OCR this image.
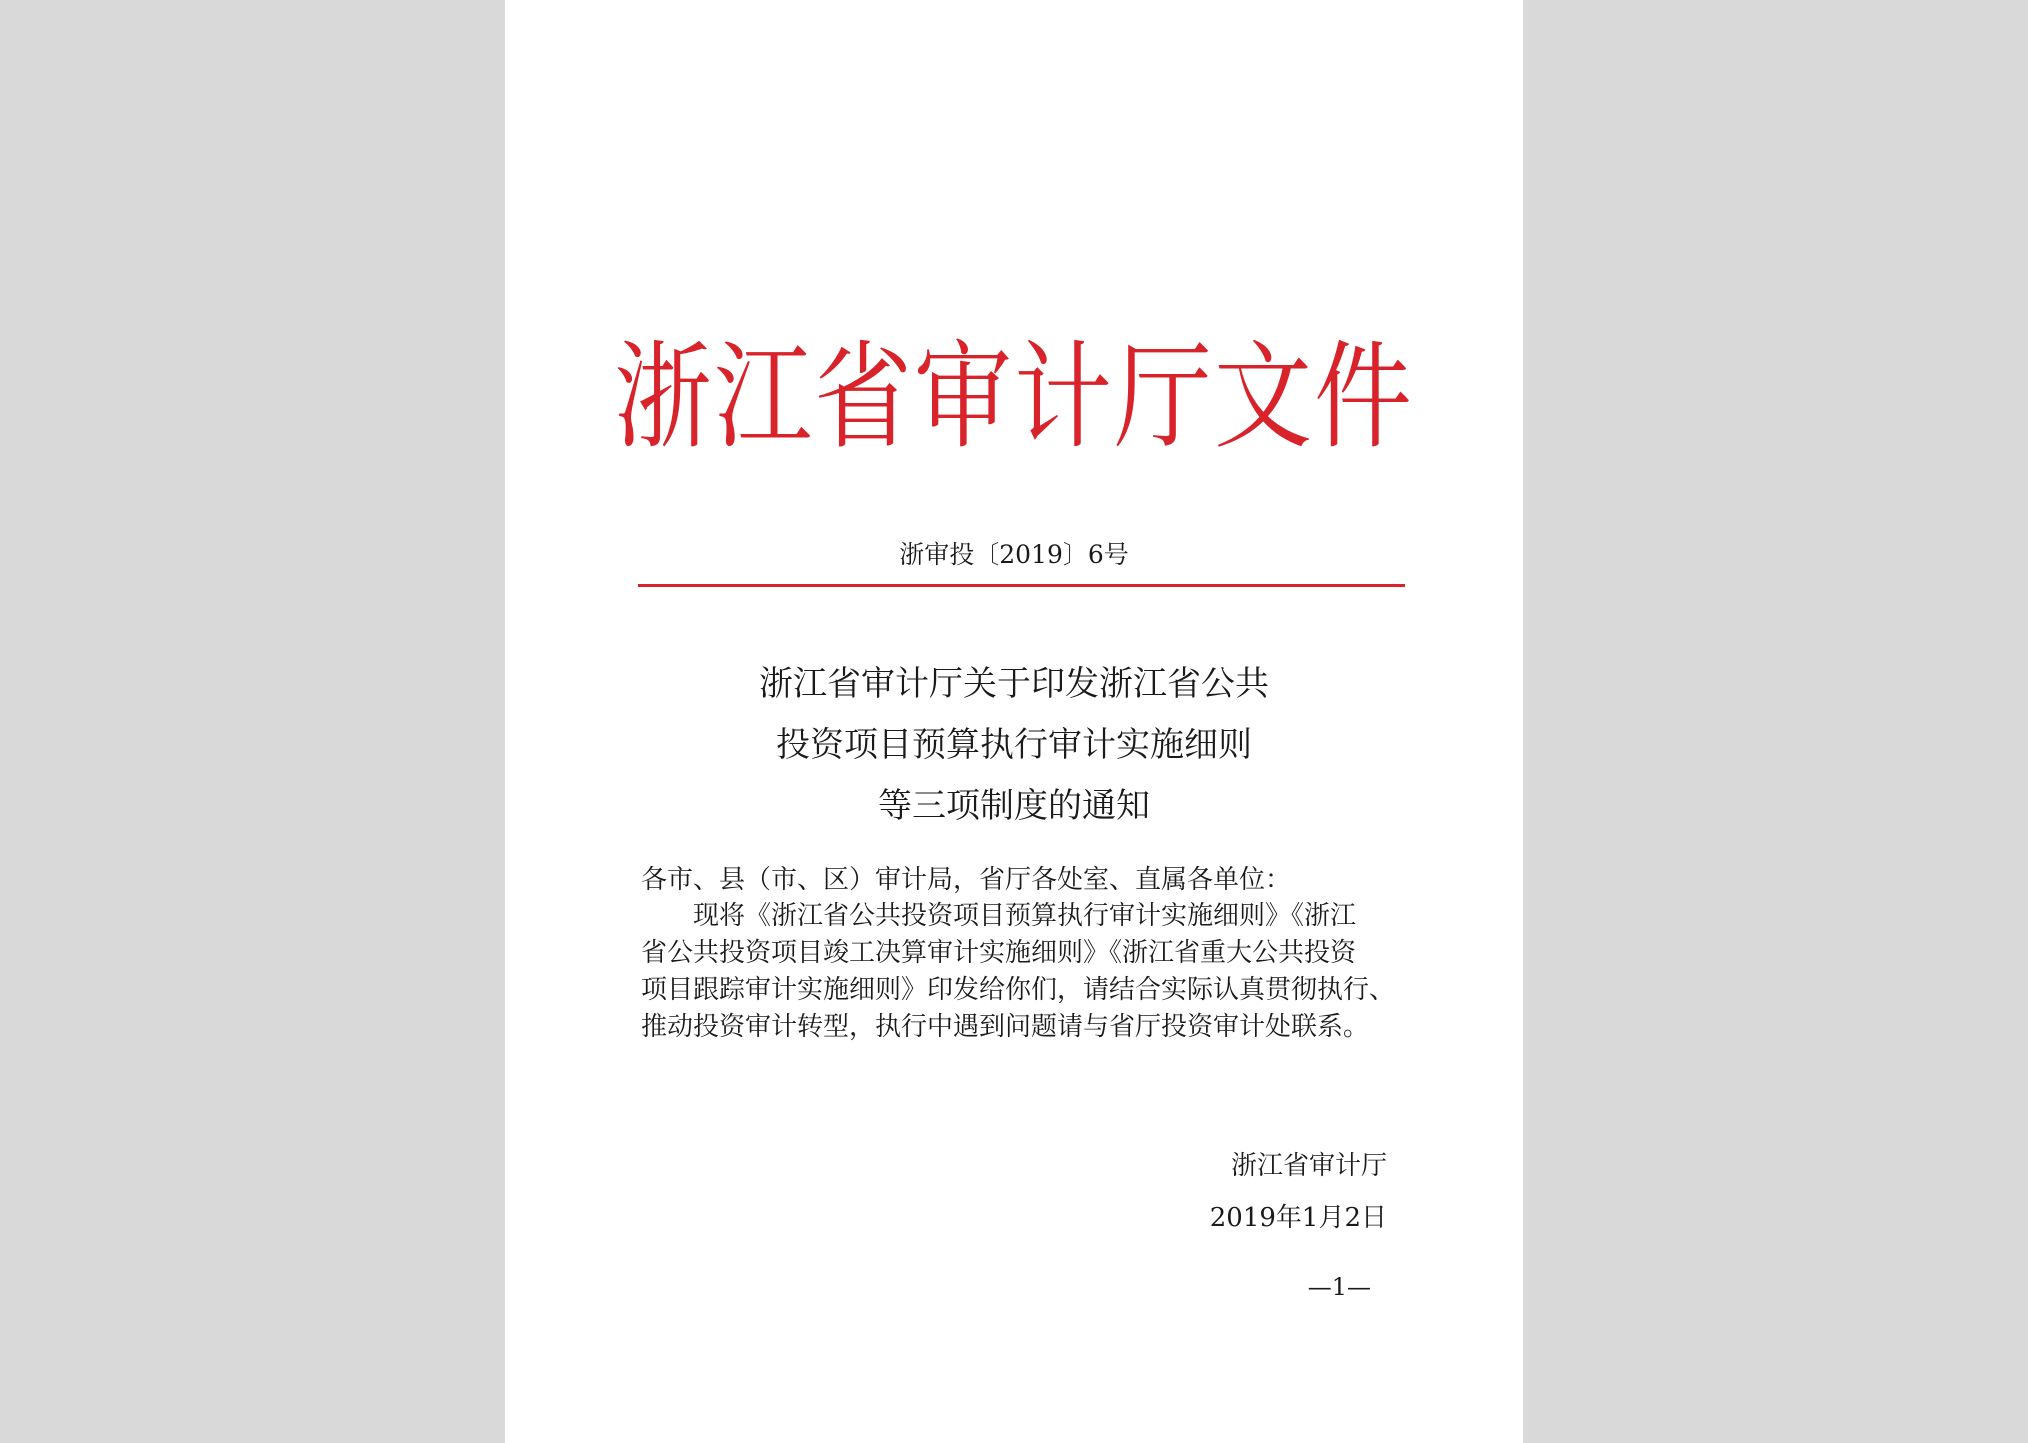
浙江省审计厅文件
浙审投〔2019〕6号
浙江省审计厅关于印发浙江省公共
投资项目预算执行审计实施细则
等三项制度的通知
各市、县（市、区）审计局，省厅各处室、直属各单位：
现将《浙江省公共投资项目预算执行审计实施细则》《浙江
省公共投资项目竣工决算审计实施细则》《浙江省重大公共投资
项目跟踪审计实施细则》印发给你们，请结合实际认真贯彻执行、
推动投资审计转型，执行中遇到问题请与省厅投资审计处联系。
浙江省审计厅
2019年1月2日
—1—
